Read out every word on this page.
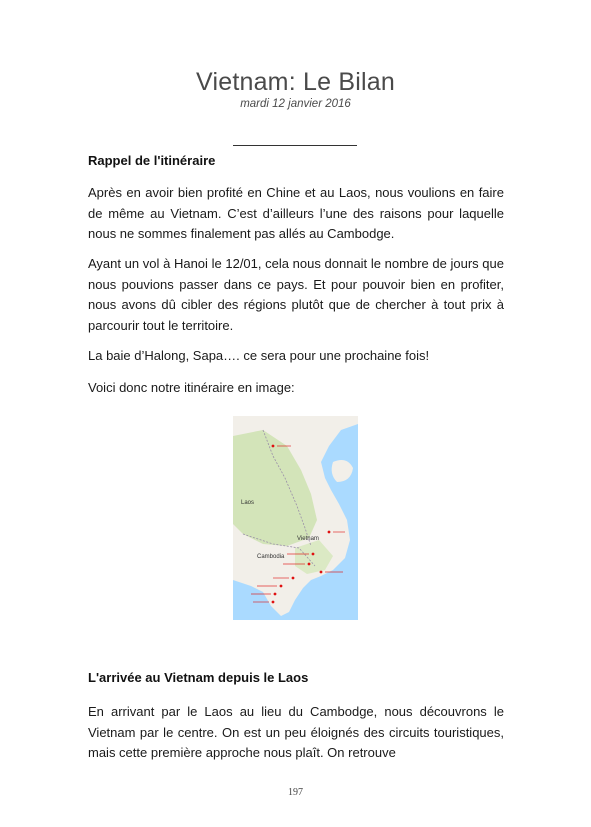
Vietnam: Le Bilan
mardi 12 janvier 2016
Rappel de l'itinéraire
Après en avoir bien profité en Chine et au Laos, nous voulions en faire de même au Vietnam. C’est d’ailleurs l’une des raisons pour laquelle nous ne sommes finalement pas allés au Cambodge.
Ayant un vol à Hanoi le 12/01, cela nous donnait le nombre de jours que nous pouvions passer dans ce pays. Et pour pouvoir bien en profiter, nous avons dû cibler des régions plutôt que de chercher à tout prix à parcourir tout le territoire.
La baie d’Halong, Sapa…. ce sera pour une prochaine fois!
Voici donc notre itinéraire en image:
Laos
Vietnam
Cambodia
L'arrivée au Vietnam depuis le Laos
En arrivant par le Laos au lieu du Cambodge, nous découvrons le Vietnam par le centre. On est un peu éloignés des circuits touristiques, mais cette première approche nous plaît. On retrouve
197
